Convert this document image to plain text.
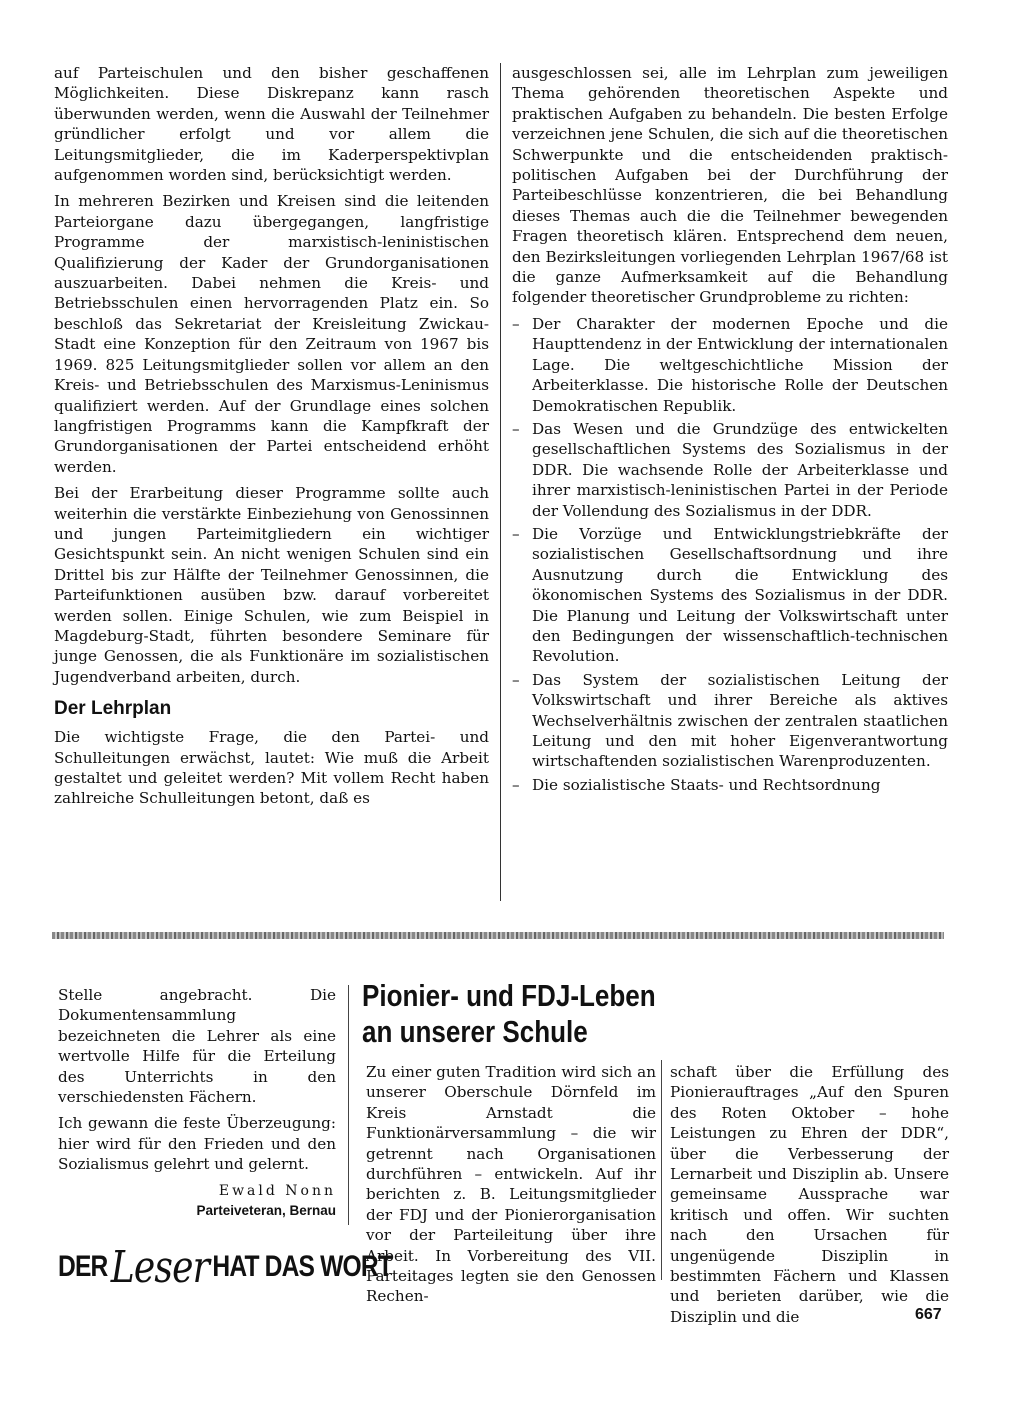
auf Parteischulen und den bisher geschaffenen Möglichkeiten. Diese Diskrepanz kann rasch überwunden werden, wenn die Auswahl der Teilnehmer gründlicher erfolgt und vor allem die Leitungsmitglieder, die im Kaderperspektivplan aufgenommen worden sind, berücksichtigt werden.

In mehreren Bezirken und Kreisen sind die leitenden Parteiorgane dazu übergegangen, langfristige Programme der marxistisch-leninistischen Qualifizierung der Kader der Grundorganisationen auszuarbeiten. Dabei nehmen die Kreis- und Betriebsschulen einen hervorragenden Platz ein. So beschloß das Sekretariat der Kreisleitung Zwickau-Stadt eine Konzeption für den Zeitraum von 1967 bis 1969. 825 Leitungsmitglieder sollen vor allem an den Kreis- und Betriebsschulen des Marxismus-Leninismus qualifiziert werden. Auf der Grundlage eines solchen langfristigen Programms kann die Kampfkraft der Grundorganisationen der Partei entscheidend erhöht werden.

Bei der Erarbeitung dieser Programme sollte auch weiterhin die verstärkte Einbeziehung von Genossinnen und jungen Parteimitgliedern ein wichtiger Gesichtspunkt sein. An nicht wenigen Schulen sind ein Drittel bis zur Hälfte der Teilnehmer Genossinnen, die Parteifunktionen ausüben bzw. darauf vorbereitet werden sollen. Einige Schulen, wie zum Beispiel in Magdeburg-Stadt, führten besondere Seminare für junge Genossen, die als Funktionäre im sozialistischen Jugendverband arbeiten, durch.

Der Lehrplan

Die wichtigste Frage, die den Partei- und Schulleitungen erwächst, lautet: Wie muß die Arbeit gestaltet und geleitet werden? Mit vollem Recht haben zahlreiche Schulleitungen betont, daß es

ausgeschlossen sei, alle im Lehrplan zum jeweiligen Thema gehörenden theoretischen Aspekte und praktischen Aufgaben zu behandeln. Die besten Erfolge verzeichnen jene Schulen, die sich auf die theoretischen Schwerpunkte und die entscheidenden praktisch-politischen Aufgaben bei der Durchführung der Parteibeschlüsse konzentrieren, die bei Behandlung dieses Themas auch die die Teilnehmer bewegenden Fragen theoretisch klären. Entsprechend dem neuen, den Bezirksleitungen vorliegenden Lehrplan 1967/68 ist die ganze Aufmerksamkeit auf die Behandlung folgender theoretischer Grundprobleme zu richten:

– Der Charakter der modernen Epoche und die Haupttendenz in der Entwicklung der internationalen Lage. Die weltgeschichtliche Mission der Arbeiterklasse. Die historische Rolle der Deutschen Demokratischen Republik.
– Das Wesen und die Grundzüge des entwickelten gesellschaftlichen Systems des Sozialismus in der DDR. Die wachsende Rolle der Arbeiterklasse und ihrer marxistisch-leninistischen Partei in der Periode der Vollendung des Sozialismus in der DDR.
– Die Vorzüge und Entwicklungstriebkräfte der sozialistischen Gesellschaftsordnung und ihre Ausnutzung durch die Entwicklung des ökonomischen Systems des Sozialismus in der DDR. Die Planung und Leitung der Volkswirtschaft unter den Bedingungen der wissenschaftlich-technischen Revolution.
– Das System der sozialistischen Leitung der Volkswirtschaft und ihrer Bereiche als aktives Wechselverhältnis zwischen der zentralen staatlichen Leitung und den mit hoher Eigenverantwortung wirtschaftenden sozialistischen Warenproduzenten.
– Die sozialistische Staats- und Rechtsordnung

Stelle angebracht. Die Dokumentensammlung bezeichneten die Lehrer als eine wertvolle Hilfe für die Erteilung des Unterrichts in den verschiedensten Fächern.

Ich gewann die feste Überzeugung: hier wird für den Frieden und den Sozialismus gelehrt und gelernt.

Ewald Nonn
Parteiveteran, Bernau
DER Leser HAT DAS WORT
Pionier- und FDJ-Leben
an unserer Schule
Zu einer guten Tradition wird sich an unserer Oberschule Dörnfeld im Kreis Arnstadt die Funktionärversammlung – die wir getrennt nach Organisationen durchführen – entwickeln. Auf ihr berichten z. B. Leitungsmitglieder der FDJ und der Pionierorganisation vor der Parteileitung über ihre Arbeit. In Vorbereitung des VII. Parteitages legten sie den Genossen Rechen-
schaft über die Erfüllung des Pionierauftrages „Auf den Spuren des Roten Oktober – hohe Leistungen zu Ehren der DDR“, über die Verbesserung der Lernarbeit und Disziplin ab. Unsere gemeinsame Aussprache war kritisch und offen. Wir suchten nach den Ursachen für ungenügende Disziplin in bestimmten Fächern und Klassen und berieten darüber, wie die Disziplin und die	667
